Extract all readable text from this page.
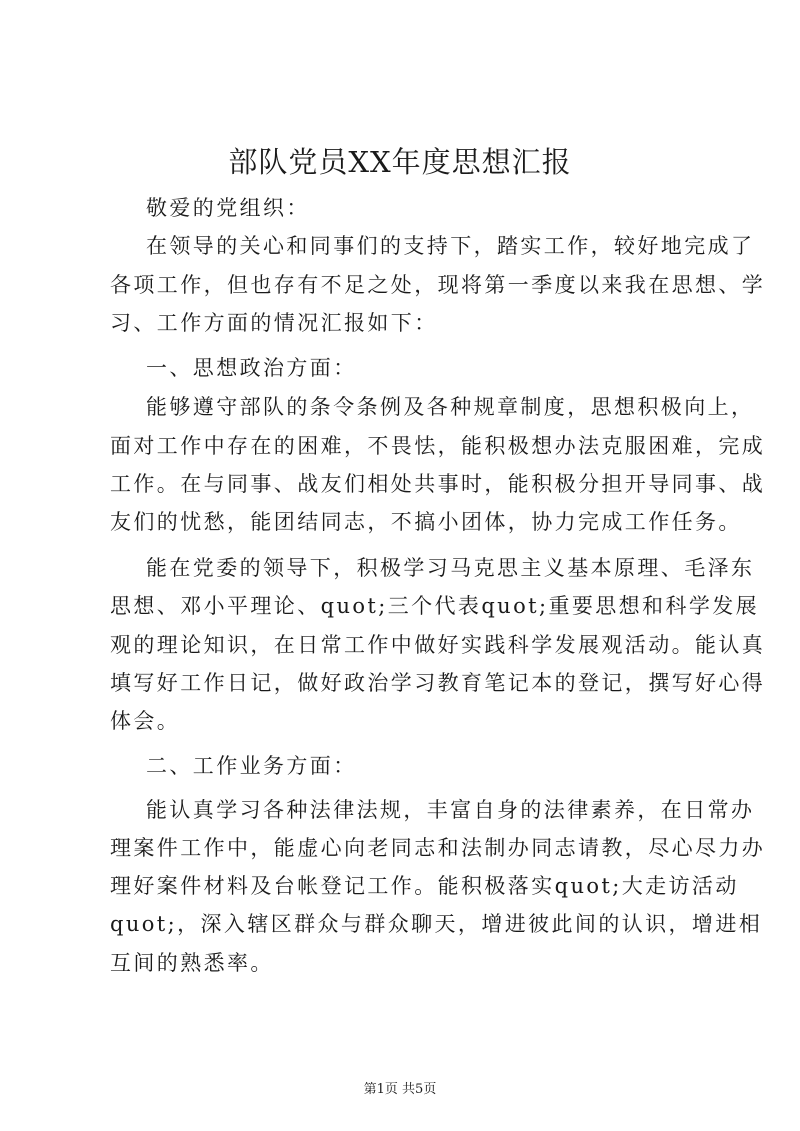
部队党员XX年度思想汇报
敬爱的党组织：
在领导的关心和同事们的支持下，踏实工作，较好地完成了
各项工作，但也存有不足之处，现将第一季度以来我在思想、学
习、工作方面的情况汇报如下：
一、思想政治方面：
能够遵守部队的条令条例及各种规章制度，思想积极向上，
面对工作中存在的困难，不畏怯，能积极想办法克服困难，完成
工作。在与同事、战友们相处共事时，能积极分担开导同事、战
友们的忧愁，能团结同志，不搞小团体，协力完成工作任务。
能在党委的领导下，积极学习马克思主义基本原理、毛泽东
思想、邓小平理论、quot;三个代表quot;重要思想和科学发展
观的理论知识，在日常工作中做好实践科学发展观活动。能认真
填写好工作日记，做好政治学习教育笔记本的登记，撰写好心得
体会。
二、工作业务方面：
能认真学习各种法律法规，丰富自身的法律素养，在日常办
理案件工作中，能虚心向老同志和法制办同志请教，尽心尽力办
理好案件材料及台帐登记工作。能积极落实quot;大走访活动
quot;，深入辖区群众与群众聊天，增进彼此间的认识，增进相
互间的熟悉率。
第1页 共5页
